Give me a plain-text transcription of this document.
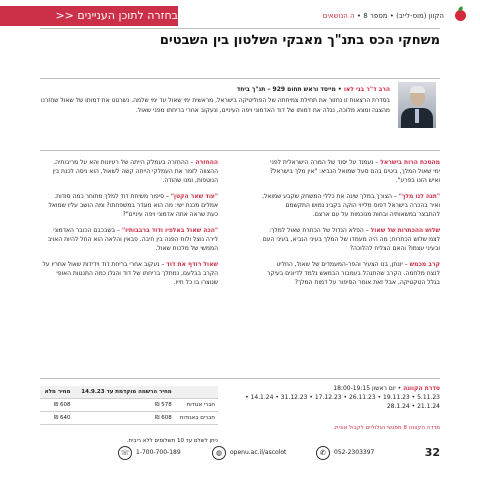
בחזרה לתוכן העניינים <<	הקוון (מוס-לייב) • מספר 8 • ה הנושאים
משחקי הכס בתנ"ך מאבקי השלטון בין השבטים
הרב ד"ר בני לאו • מייסד וראש תחום 929 – תנ"ך ביחד
בסדרת הרצאות זו נחזור את תחילת צמיחתה של הפוליטיקה בישראל, מראשית ימי שאול עד ימי שלמה. נשרטט את דמותו של שאול שחזרנו מהצגה ומצא מלוכה, נגלה את דמותו של דוד האדמוני ויפה העיניים, ונעקוב אחרי בריחתו מפני שאול.

מהסכת הרות בישראל – נעמוד על יסוד של המרה הישראלית לפני ימי שאול המלך, ביטים בהם סעל שמואל הנביא: "אין מלך בישראל? ואיש הזנו בפרע".

"תנה לנו מלך" – הצורך במלך שינה את כללי המשחק שקבע שמואל, ואיר בהכרה בישראל דפוס מלייוי הוקה בקבינ נמוש התקשמם להתבצר במשאותיה ובחות מנוכמות על עם ארצם.

שלוש ההכתרות של שאול – הפלא הנדול של הכתרת שאול למלך: לצמ שלוש הכתרות; מה היה מעמדו של המלך בעיני הנביא, בעיני העם ובעיני עצמו? והאם הצליח להלוכה?

קרב מכמש – יונתן, בנו הצעיר והפר-המעמדים של שאול, החליט לנצח מלחמה. הקרב שהתנהל בעמבור הבמאש נלמד לדיונים בעיקר בגלל הטקטיקה, אבל זאת אומר הסיפור על דמות המלך?

ההחזרה – ההחזרה בעמלק הייתה של רעיונות והא על מריבותיה. ההצווה לזמר את העמלקי הייתה קשה לשאול, הוא ניסה לכנת בין הנוטפות, ומנו שהודה.

"עוד שאר הקטן" – סיפור משיחת דוד למלך מתוחר כמה סודות. אמלים מכנת ישי: מה הוא מוגדר במשפחתו? ומה הושב עליו שמואל כעת שראה אתה אדמוני ויפה עיניים"?

"הכה שאול באלפיו ודוד ברבבותיו" – בשבכבם הכובר האדמוני לירה נוצל ולוח הפנה בין חיבה. פבאין והלאה הוא החל להיות האויב הממשי של מלכות שאול.

שאול רודף את דוד – נעקוב אחרי בריחת דוד וידידות שאול אחריו על הקרב בבלעם, נמתלך בריחתו של דוד והגלו כמה התנגוות האופי שנוצרו בו כל חייו.

סדרת הקוונה • יום ראשון 18:00-19:15
5.11.23 • 19.11.23 • 26.11.23 • 17.12.23 • 31.12.23 • 14.1.24 • 21.1.24 • 28.1.24
מדדה הקוונה 8 מפגשי הגלוליים לקבול אונית.
	מחיר הרשמה מוקדמת עד 14.9.23	מחיר מלא
חברי אגודות	578 ₪	608 ₪
חברים באגודות	608 ₪	640 ₪
ניתן לשלם עד 10 תשלומים ללא ריבית.
☏	1-700-700-189	◍	openu.ac.il/ascolot	✆	052-2303397	32
